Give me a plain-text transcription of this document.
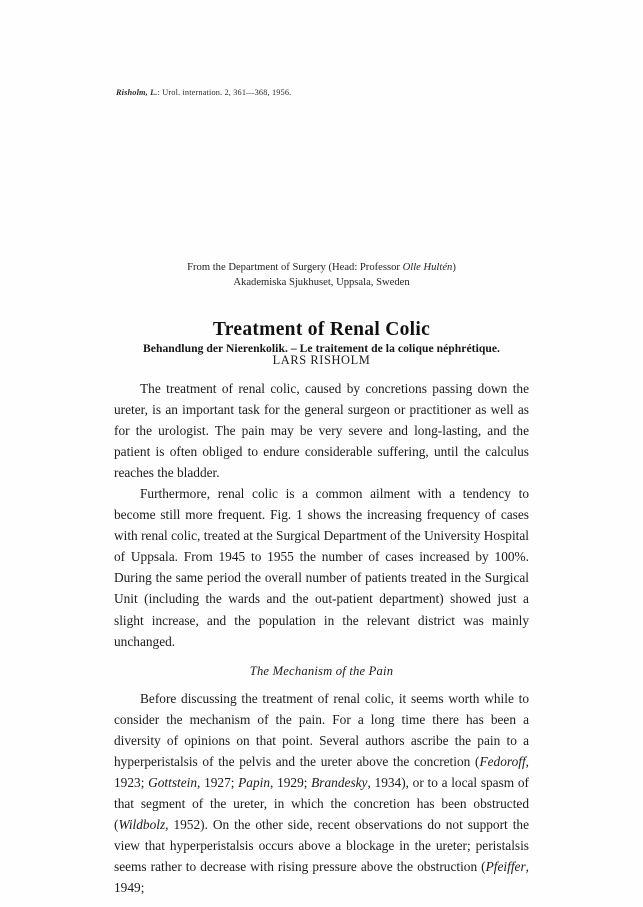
Risholm, L.: Urol. internation. 2, 361—368, 1956.
From the Department of Surgery (Head: Professor Olle Hultén)
Akademiska Sjukhuset, Uppsala, Sweden
Treatment of Renal Colic
Behandlung der Nierenkolik. – Le traitement de la colique néphrétique.
LARS RISHOLM

The treatment of renal colic, caused by concretions passing down the ureter, is an important task for the general surgeon or practitioner as well as for the urologist. The pain may be very severe and long-lasting, and the patient is often obliged to endure considerable suffering, until the calculus reaches the bladder.

Furthermore, renal colic is a common ailment with a tendency to become still more frequent. Fig. 1 shows the increasing frequency of cases with renal colic, treated at the Surgical Department of the University Hospital of Uppsala. From 1945 to 1955 the number of cases increased by 100%. During the same period the overall number of patients treated in the Surgical Unit (including the wards and the out-patient department) showed just a slight increase, and the population in the relevant district was mainly unchanged.

The Mechanism of the Pain

Before discussing the treatment of renal colic, it seems worth while to consider the mechanism of the pain. For a long time there has been a diversity of opinions on that point. Several authors ascribe the pain to a hyperperistalsis of the pelvis and the ureter above the concretion (Fedoroff, 1923; Gottstein, 1927; Papin, 1929; Brandesky, 1934), or to a local spasm of that segment of the ureter, in which the concretion has been obstructed (Wildbolz, 1952). On the other side, recent observations do not support the view that hyperperistalsis occurs above a blockage in the ureter; peristalsis seems rather to decrease with rising pressure above the obstruction (Pfeiffer, 1949;
